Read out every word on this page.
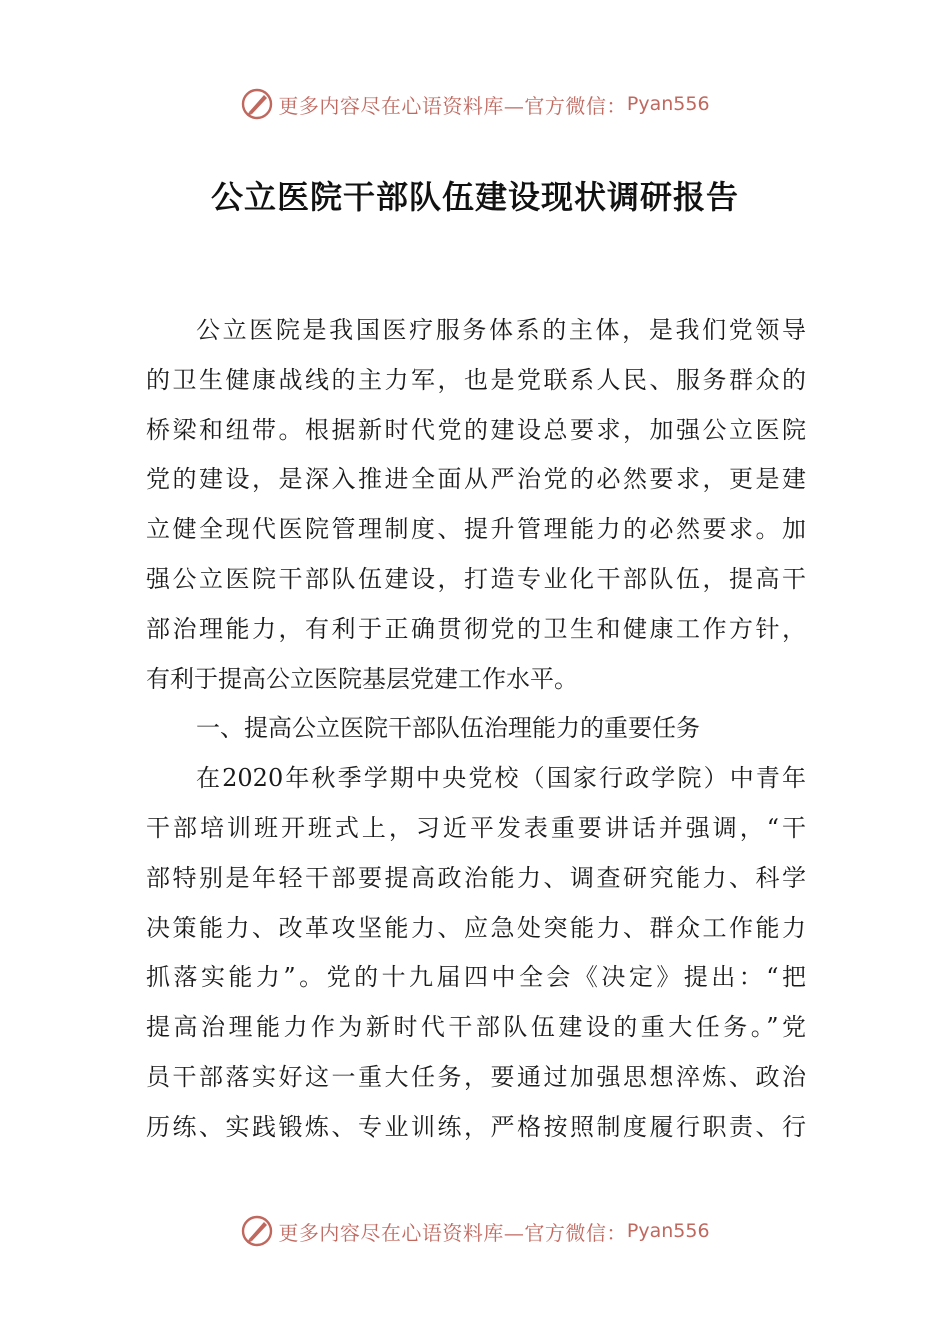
更多内容尽在心语资料库—官方微信： Pyan556
公立医院干部队伍建设现状调研报告
公立医院是我国医疗服务体系的主体，是我们党领导
的卫生健康战线的主力军，也是党联系人民、服务群众的
桥梁和纽带。根据新时代党的建设总要求，加强公立医院
党的建设，是深入推进全面从严治党的必然要求，更是建
立健全现代医院管理制度、提升管理能力的必然要求。加
强公立医院干部队伍建设，打造专业化干部队伍，提高干
部治理能力，有利于正确贯彻党的卫生和健康工作方针，
有利于提高公立医院基层党建工作水平。
一、提高公立医院干部队伍治理能力的重要任务
在2020年秋季学期中央党校（国家行政学院）中青年
干部培训班开班式上，习近平发表重要讲话并强调，“干
部特别是年轻干部要提高政治能力、调查研究能力、科学
决策能力、改革攻坚能力、应急处突能力、群众工作能力
抓落实能力”。党的十九届四中全会《决定》提出：“把
提高治理能力作为新时代干部队伍建设的重大任务。”党
员干部落实好这一重大任务，要通过加强思想淬炼、政治
历练、实践锻炼、专业训练，严格按照制度履行职责、行
更多内容尽在心语资料库—官方微信： Pyan556
